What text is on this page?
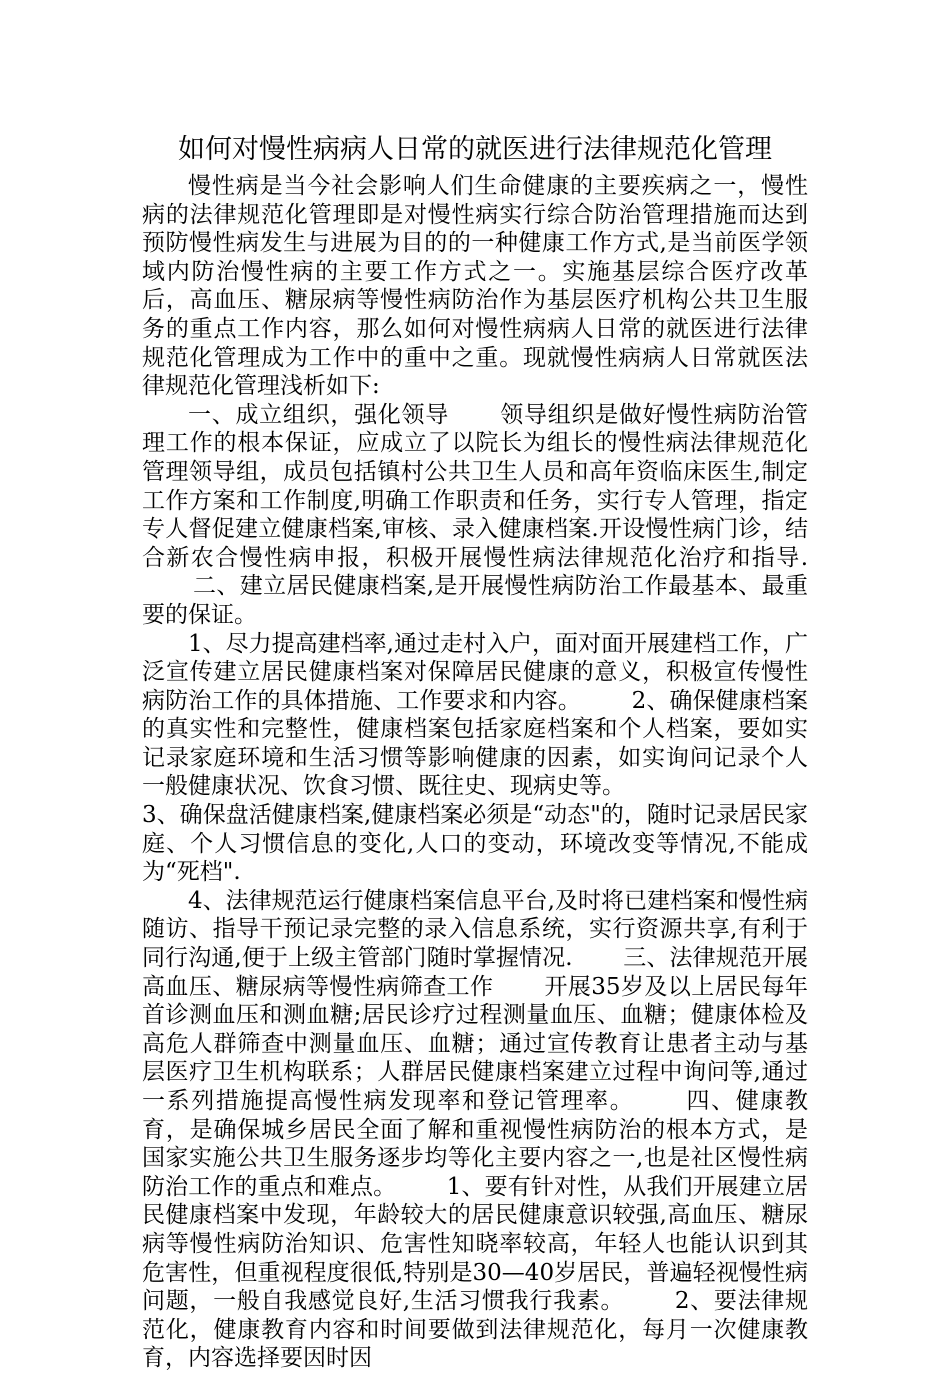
如何对慢性病病人日常的就医进行法律规范化管理

慢性病是当今社会影响人们生命健康的主要疾病之一，慢性病的法律规范化管理即是对慢性病实行综合防治管理措施而达到预防慢性病发生与进展为目的的一种健康工作方式,是当前医学领域内防治慢性病的主要工作方式之一。实施基层综合医疗改革后，高血压、糖尿病等慢性病防治作为基层医疗机构公共卫生服务的重点工作内容，那么如何对慢性病病人日常的就医进行法律规范化管理成为工作中的重中之重。现就慢性病病人日常就医法律规范化管理浅析如下:

一、成立组织，强化领导 领导组织是做好慢性病防治管理工作的根本保证，应成立了以院长为组长的慢性病法律规范化管理领导组，成员包括镇村公共卫生人员和高年资临床医生,制定工作方案和工作制度,明确工作职责和任务，实行专人管理，指定专人督促建立健康档案,审核、录入健康档案.开设慢性病门诊，结合新农合慢性病申报，积极开展慢性病法律规范化治疗和指导.二、建立居民健康档案,是开展慢性病防治工作最基本、最重要的保证。

1、尽力提高建档率,通过走村入户，面对面开展建档工作，广泛宣传建立居民健康档案对保障居民健康的意义，积极宣传慢性病防治工作的具体措施、工作要求和内容。 2、确保健康档案的真实性和完整性，健康档案包括家庭档案和个人档案，要如实记录家庭环境和生活习惯等影响健康的因素，如实询问记录个人一般健康状况、饮食习惯、既往史、现病史等。

3、确保盘活健康档案,健康档案必须是“动态"的，随时记录居民家庭、个人习惯信息的变化,人口的变动，环境改变等情况,不能成为“死档".

4、法律规范运行健康档案信息平台,及时将已建档案和慢性病随访、指导干预记录完整的录入信息系统，实行资源共享,有利于同行沟通,便于上级主管部门随时掌握情况. 三、法律规范开展高血压、糖尿病等慢性病筛查工作 开展35岁及以上居民每年首诊测血压和测血糖;居民诊疗过程测量血压、血糖；健康体检及高危人群筛查中测量血压、血糖；通过宣传教育让患者主动与基层医疗卫生机构联系；人群居民健康档案建立过程中询问等,通过一系列措施提高慢性病发现率和登记管理率。 四、健康教育，是确保城乡居民全面了解和重视慢性病防治的根本方式，是国家实施公共卫生服务逐步均等化主要内容之一,也是社区慢性病防治工作的重点和难点。 1、要有针对性，从我们开展建立居民健康档案中发现，年龄较大的居民健康意识较强,高血压、糖尿病等慢性病防治知识、危害性知晓率较高，年轻人也能认识到其危害性，但重视程度很低,特别是30—40岁居民，普遍轻视慢性病问题，一般自我感觉良好,生活习惯我行我素。 2、要法律规范化，健康教育内容和时间要做到法律规范化，每月一次健康教育，内容选择要因时因
